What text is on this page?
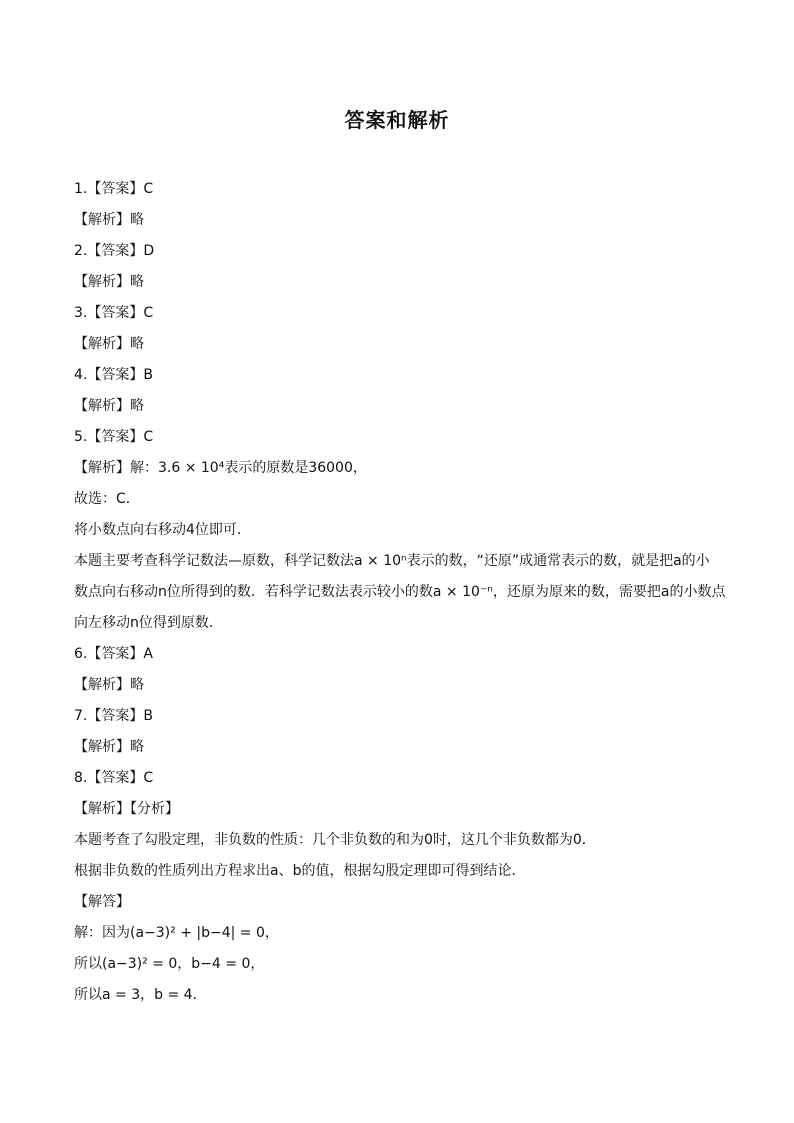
答案和解析
1.【答案】C
【解析】略
2.【答案】D
【解析】略
3.【答案】C
【解析】略
4.【答案】B
【解析】略
5.【答案】C
【解析】解：3.6 × 10⁴表示的原数是36000，
故选：C．
将小数点向右移动4位即可．
本题主要考查科学记数法—原数，科学记数法a × 10ⁿ表示的数，“还原”成通常表示的数，就是把a的小
数点向右移动n位所得到的数．若科学记数法表示较小的数a × 10⁻ⁿ，还原为原来的数，需要把a的小数点
向左移动n位得到原数．
6.【答案】A
【解析】略
7.【答案】B
【解析】略
8.【答案】C
【解析】【分析】
本题考查了勾股定理，非负数的性质：几个非负数的和为0时，这几个非负数都为0．
根据非负数的性质列出方程求出a、b的值，根据勾股定理即可得到结论．
【解答】
解：因为(a−3)² + |b−4| = 0，
所以(a−3)² = 0，b−4 = 0，
所以a = 3，b = 4.
